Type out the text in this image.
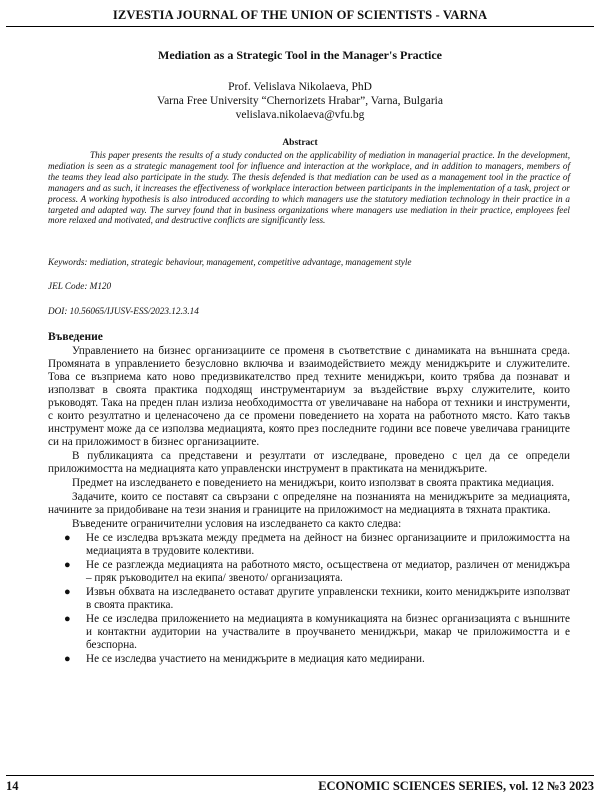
IZVESTIA JOURNAL OF THE UNION OF SCIENTISTS - VARNA
Mediation as a Strategic Tool in the Manager's Practice
Prof. Velislava Nikolaeva, PhD
Varna Free University “Chernorizets Hrabar”, Varna, Bulgaria
velislava.nikolaeva@vfu.bg
Abstract
This paper presents the results of a study conducted on the applicability of mediation in managerial practice. In the development, mediation is seen as a strategic management tool for influence and interaction at the workplace, and in addition to managers, members of the teams they lead also participate in the study. The thesis defended is that mediation can be used as a management tool in the practice of managers and as such, it increases the effectiveness of workplace interaction between participants in the implementation of a task, project or process. A working hypothesis is also introduced according to which managers use the statutory mediation technology in their practice in a targeted and adapted way. The survey found that in business organizations where managers use mediation in their practice, employees feel more relaxed and motivated, and destructive conflicts are significantly less.
Keywords: mediation, strategic behaviour, management, competitive advantage, management style
JEL Code: M120
DOI: 10.56065/IJUSV-ESS/2023.12.3.14
Въведение

Управлението на бизнес организациите се променя в съответствие с динамиката на външната среда. Промяната в управлението безусловно включва и взаимодействието между мениджърите и служителите. Това се възприема като ново предизвикателство пред техните мениджъри, които трябва да познават и използват в своята практика подходящ инструментариум за въздействие върху служителите, които ръководят. Така на преден план излиза необходимостта от увеличаване на набора от техники и инструменти, с които резултатно и целенасочено да се промени поведението на хората на работното място. Като такъв инструмент може да се използва медиацията, която през последните години все повече увеличава границите си на приложимост в бизнес организациите.

В публикацията са представени и резултати от изследване, проведено с цел да се определи приложимостта на медиацията като управленски инструмент в практиката на мениджърите.

Предмет на изследването е поведението на мениджъри, които използват в своята практика медиация.

Задачите, които се поставят са свързани с определяне на познанията на мениджърите за медиацията, начините за придобиване на тези знания и границите на приложимост на медиацията в тяхната практика.

Въведените ограничителни условия на изследването са както следва:

● Не се изследва връзката между предмета на дейност на бизнес организациите и приложимостта на медиацията в трудовите колективи.
● Не се разглежда медиацията на работното място, осъществена от медиатор, различен от мениджъра – пряк ръководител на екипа/ звеното/ организацията.
● Извън обхвата на изследването остават другите управленски техники, които мениджърите използват в своята практика.
● Не се изследва приложението на медиацията в комуникацията на бизнес организацията с външните и контактни аудитории на участвалите в проучването мениджъри, макар че приложимостта и е безспорна.
● Не се изследва участието на мениджърите в медиация като медиирани.
14	ECONOMIC SCIENCES SERIES, vol. 12 №3 2023
